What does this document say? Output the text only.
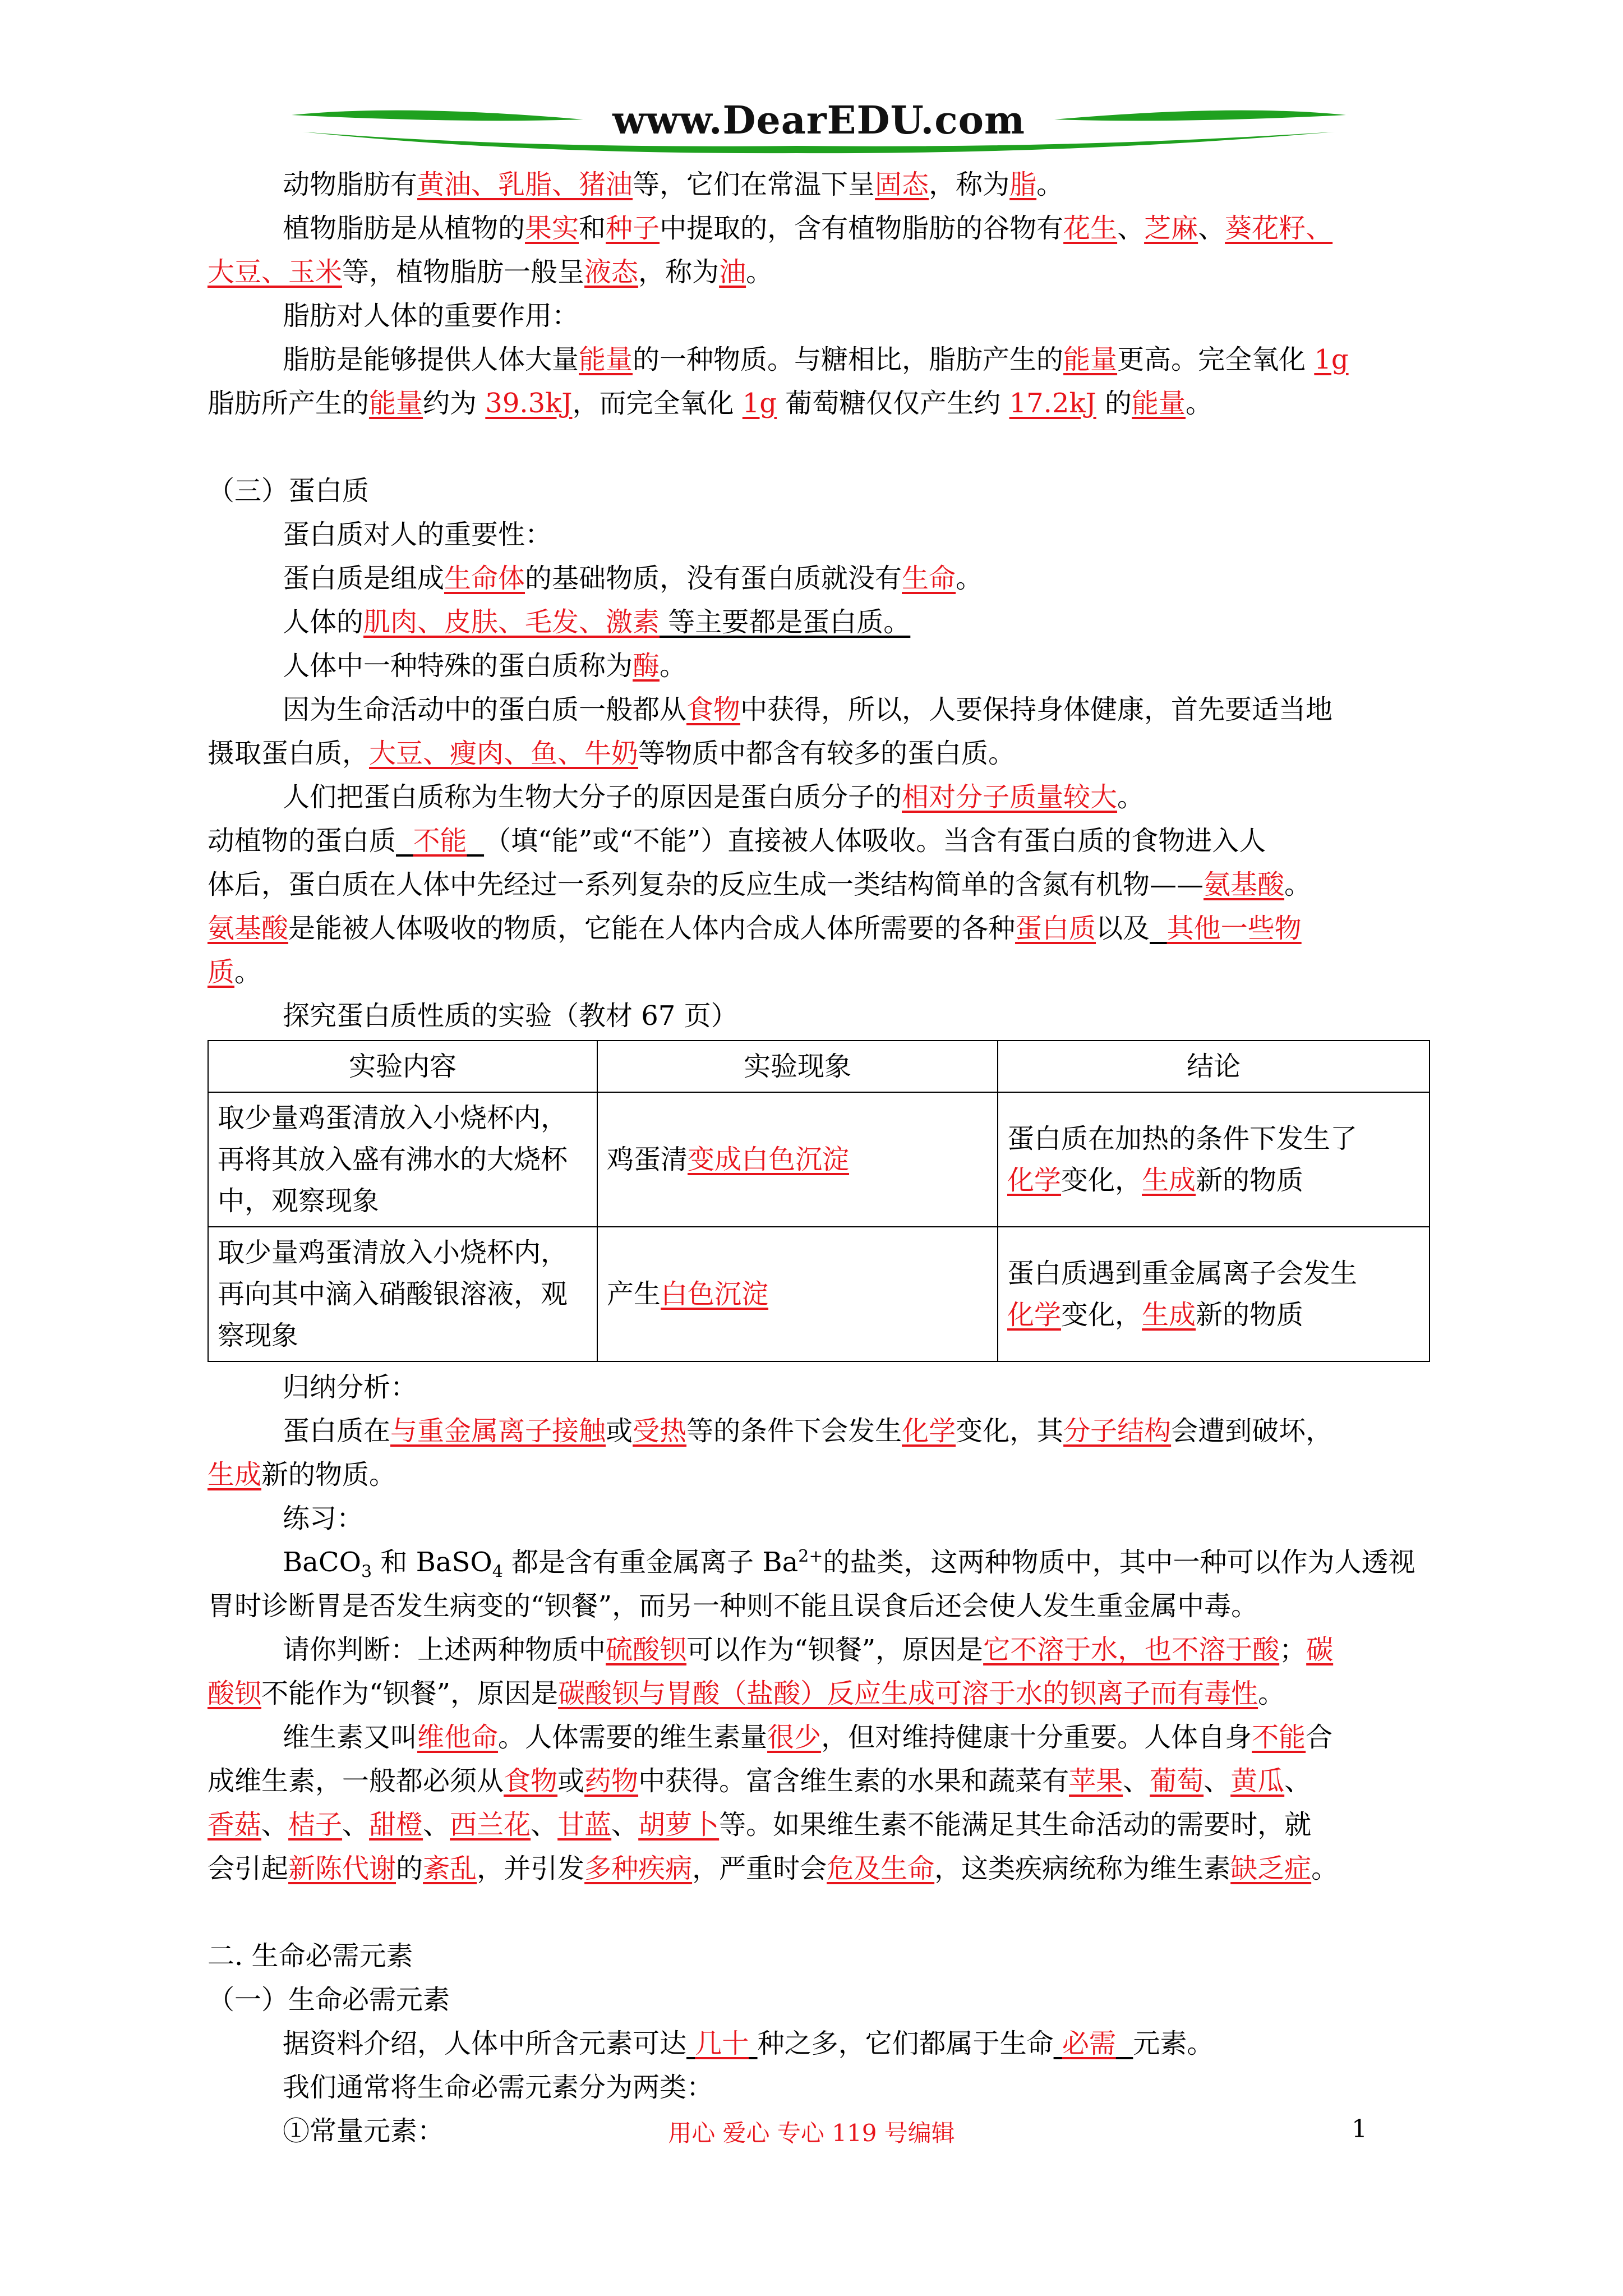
www.DearEDU.com
动物脂肪有黄油、乳脂、猪油等，它们在常温下呈固态，称为脂。
植物脂肪是从植物的果实和种子中提取的，含有植物脂肪的谷物有花生、芝麻、葵花籽、
大豆、玉米等，植物脂肪一般呈液态，称为油。
脂肪对人体的重要作用：
脂肪是能够提供人体大量能量的一种物质。与糖相比，脂肪产生的能量更高。完全氧化 1g
脂肪所产生的能量约为 39.3kJ，而完全氧化 1g 葡萄糖仅仅产生约 17.2kJ 的能量。
（三）蛋白质
蛋白质对人的重要性：
蛋白质是组成生命体的基础物质，没有蛋白质就没有生命。
人体的肌肉、皮肤、毛发、激素 等主要都是蛋白质。
人体中一种特殊的蛋白质称为酶。
因为生命活动中的蛋白质一般都从食物中获得，所以，人要保持身体健康，首先要适当地
摄取蛋白质，大豆、瘦肉、鱼、牛奶等物质中都含有较多的蛋白质。
人们把蛋白质称为生物大分子的原因是蛋白质分子的相对分子质量较大。
动植物的蛋白质 不能 （填“能”或“不能”）直接被人体吸收。当含有蛋白质的食物进入人
体后，蛋白质在人体中先经过一系列复杂的反应生成一类结构简单的含氮有机物——氨基酸。
氨基酸是能被人体吸收的物质，它能在人体内合成人体所需要的各种蛋白质以及 其他一些物
质。
探究蛋白质性质的实验（教材 67 页）
实验内容	实验现象	结论
取少量鸡蛋清放入小烧杯内，
再将其放入盛有沸水的大烧杯
中，观察现象	鸡蛋清变成白色沉淀	蛋白质在加热的条件下发生了
化学变化，生成新的物质
取少量鸡蛋清放入小烧杯内，
再向其中滴入硝酸银溶液，观
察现象	产生白色沉淀	蛋白质遇到重金属离子会发生
化学变化，生成新的物质
归纳分析：
蛋白质在与重金属离子接触或受热等的条件下会发生化学变化，其分子结构会遭到破坏，
生成新的物质。
练习：
BaCO$_3$ 和 BaSO$_4$ 都是含有重金属离子 $Ba^{2+}$的盐类，这两种物质中，其中一种可以作为人透视
胃时诊断胃是否发生病变的“钡餐”，而另一种则不能且误食后还会使人发生重金属中毒。
请你判断：上述两种物质中硫酸钡可以作为“钡餐”，原因是它不溶于水，也不溶于酸；碳
酸钡不能作为“钡餐”，原因是碳酸钡与胃酸（盐酸）反应生成可溶于水的钡离子而有毒性。
维生素又叫维他命。人体需要的维生素量很少，但对维持健康十分重要。人体自身不能合
成维生素，一般都必须从食物或药物中获得。富含维生素的水果和蔬菜有苹果、葡萄、黄瓜、
香菇、桔子、甜橙、西兰花、甘蓝、胡萝卜等。如果维生素不能满足其生命活动的需要时，就
会引起新陈代谢的紊乱，并引发多种疾病，严重时会危及生命，这类疾病统称为维生素缺乏症。
二. 生命必需元素
（一）生命必需元素
据资料介绍，人体中所含元素可达 几十 种之多，它们都属于生命 必需 元素。
我们通常将生命必需元素分为两类：
①常量元素：	用心 爱心 专心 119 号编辑	1
